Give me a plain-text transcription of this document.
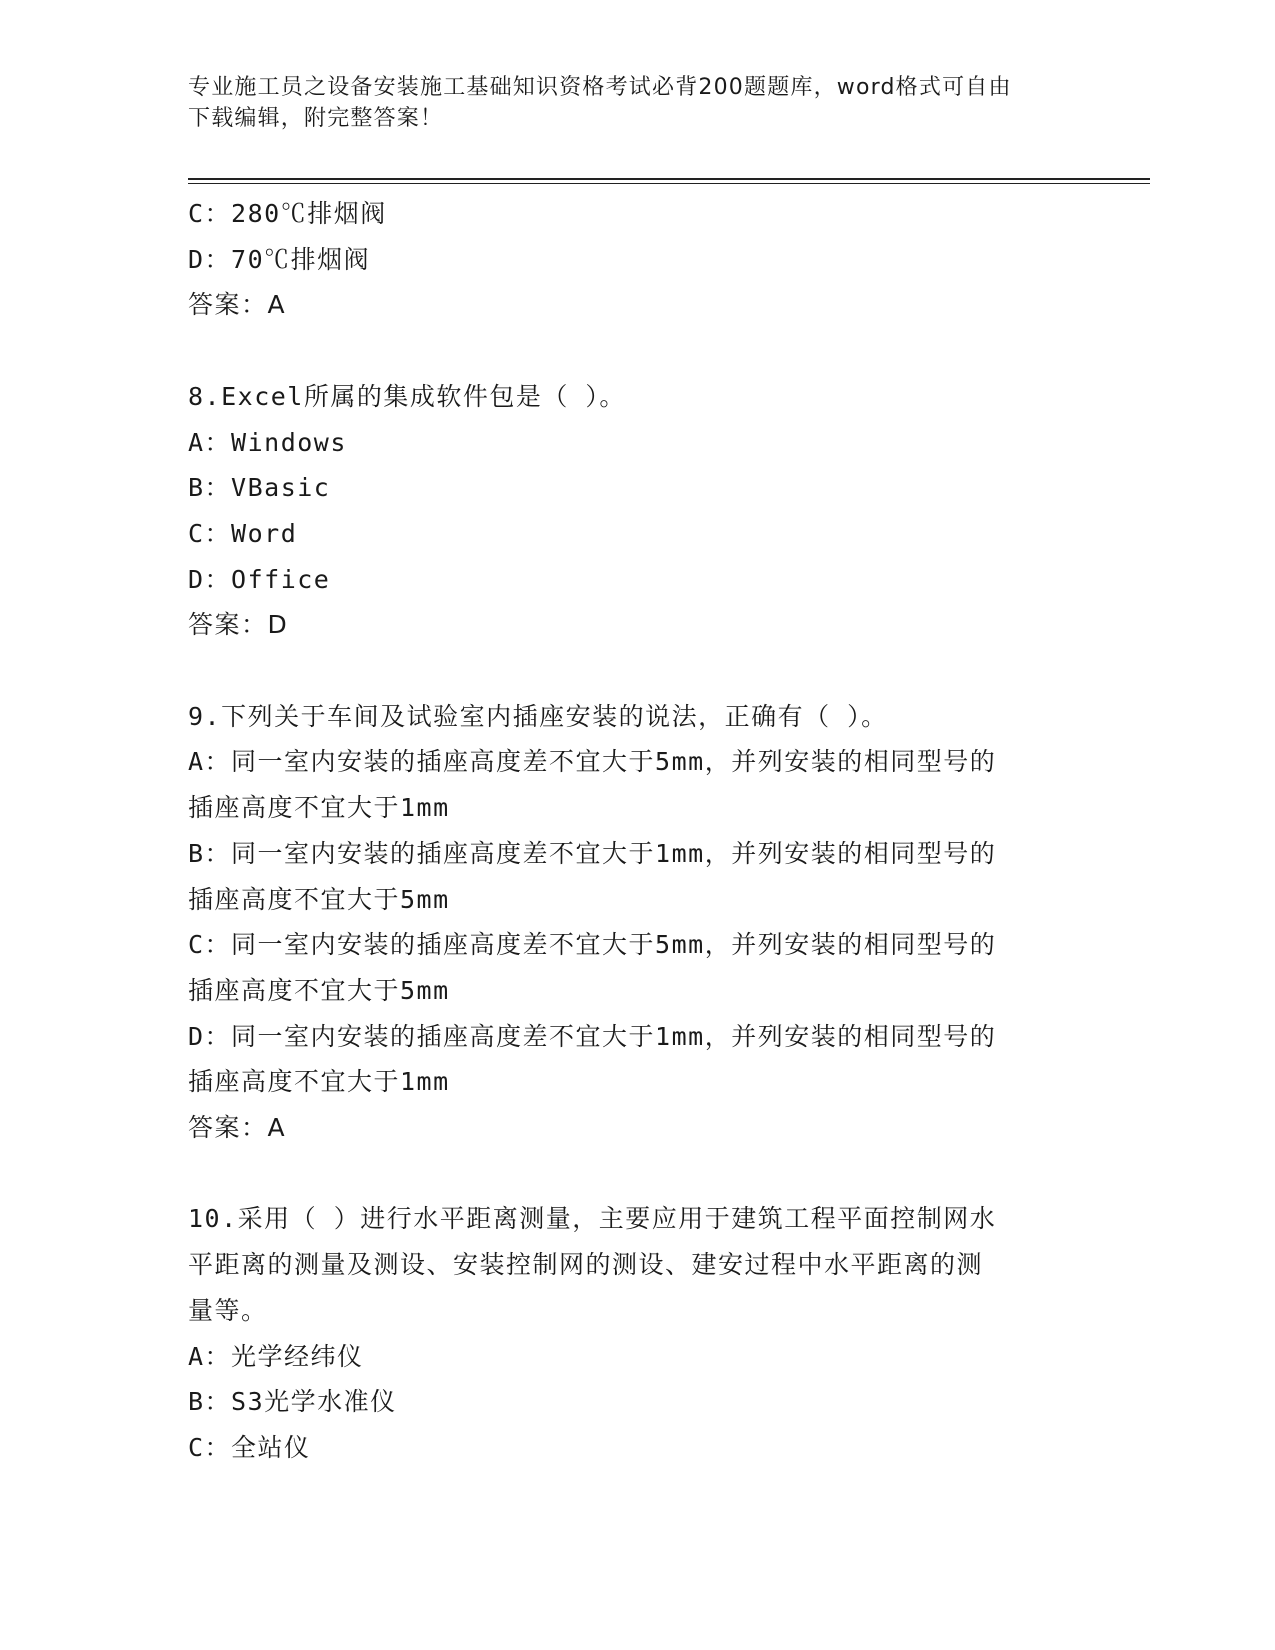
专业施工员之设备安装施工基础知识资格考试必背200题题库，word格式可自由
下载编辑，附完整答案！

C：280℃排烟阀

D：70℃排烟阀

答案：A

8.Excel所属的集成软件包是（ ）。

A：Windows

B：VBasic

C：Word

D：Office

答案：D

9.下列关于车间及试验室内插座安装的说法，正确有（ ）。

A：同一室内安装的插座高度差不宜大于5mm，并列安装的相同型号的

插座高度不宜大于1mm

B：同一室内安装的插座高度差不宜大于1mm，并列安装的相同型号的

插座高度不宜大于5mm

C：同一室内安装的插座高度差不宜大于5mm，并列安装的相同型号的

插座高度不宜大于5mm

D：同一室内安装的插座高度差不宜大于1mm，并列安装的相同型号的

插座高度不宜大于1mm

答案：A

10.采用（ ）进行水平距离测量，主要应用于建筑工程平面控制网水

平距离的测量及测设、安装控制网的测设、建安过程中水平距离的测

量等。

A：光学经纬仪

B：S3光学水准仪

C：全站仪
